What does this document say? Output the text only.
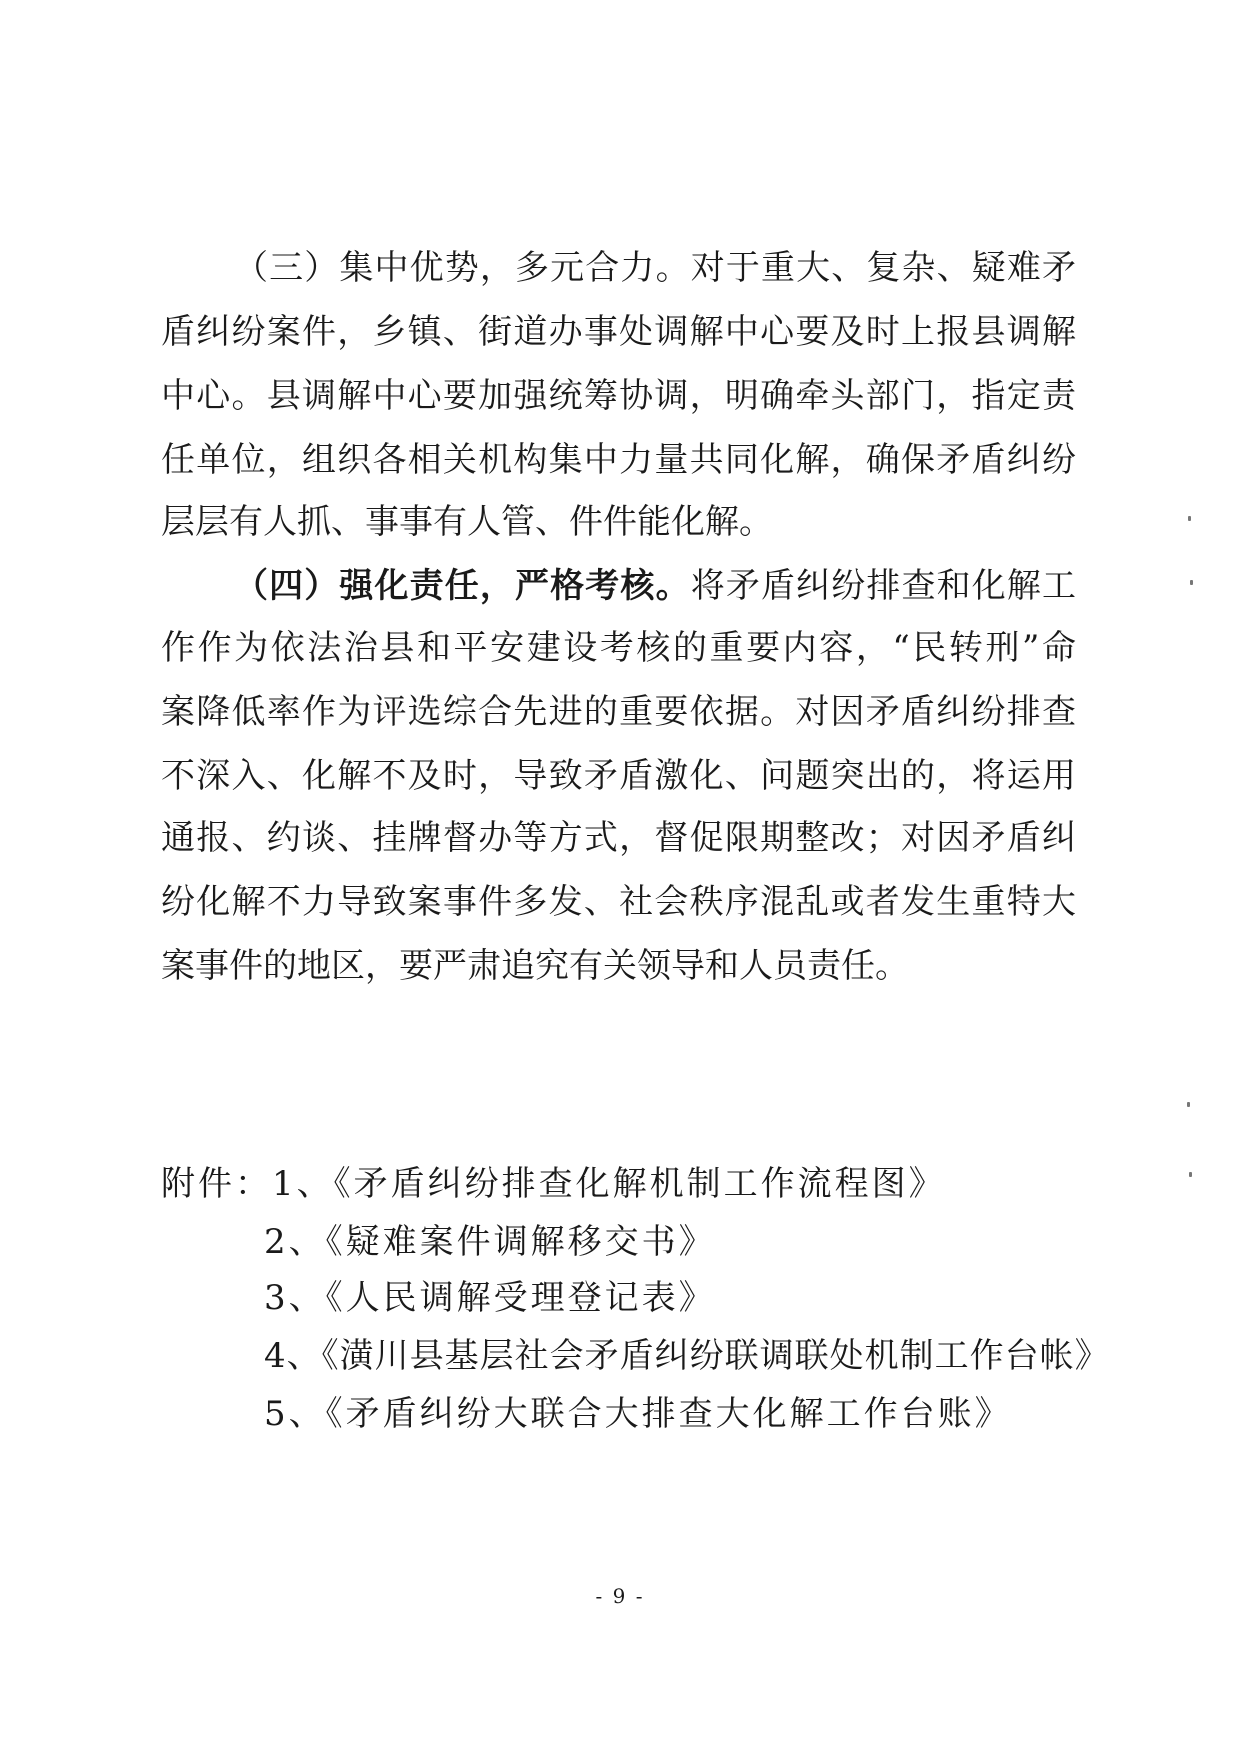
（三）集中优势，多元合力。对于重大、复杂、疑难矛
盾纠纷案件，乡镇、街道办事处调解中心要及时上报县调解
中心。县调解中心要加强统筹协调，明确牵头部门，指定责
任单位，组织各相关机构集中力量共同化解，确保矛盾纠纷
层层有人抓、事事有人管、件件能化解。
（四）强化责任，严格考核。将矛盾纠纷排查和化解工
作作为依法治县和平安建设考核的重要内容，“民转刑”命
案降低率作为评选综合先进的重要依据。对因矛盾纠纷排查
不深入、化解不及时，导致矛盾激化、问题突出的，将运用
通报、约谈、挂牌督办等方式，督促限期整改；对因矛盾纠
纷化解不力导致案事件多发、社会秩序混乱或者发生重特大
案事件的地区，要严肃追究有关领导和人员责任。
附件：1、《矛盾纠纷排查化解机制工作流程图》
2、《疑难案件调解移交书》
3、《人民调解受理登记表》
4、《潢川县基层社会矛盾纠纷联调联处机制工作台帐》
5、《矛盾纠纷大联合大排查大化解工作台账》
- 9 -
